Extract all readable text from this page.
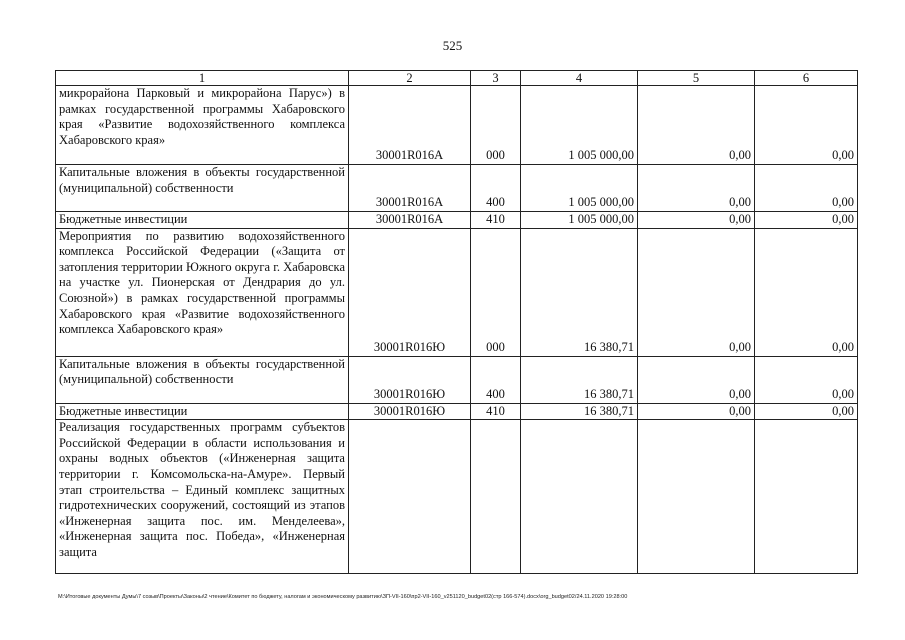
525
1	2	3	4	5	6
микрорайона Парковый и микрорайона Парус») в рамках государственной программы Хабаровского края «Развитие водохозяйственного комплекса Хабаровского края»	30001R016А	000	1 005 000,00	0,00	0,00
Капитальные вложения в объекты государственной (муниципальной) собственности	30001R016А	400	1 005 000,00	0,00	0,00
Бюджетные инвестиции	30001R016А	410	1 005 000,00	0,00	0,00
Мероприятия по развитию водохозяйственного комплекса Российской Федерации («Защита от затопления территории Южного округа г. Хабаровска на участке ул. Пионерская от Дендрария до ул. Союзной») в рамках государственной программы Хабаровского края «Развитие водохозяйственного комплекса Хабаровского края»	30001R016Ю	000	16 380,71	0,00	0,00
Капитальные вложения в объекты государственной (муниципальной) собственности	30001R016Ю	400	16 380,71	0,00	0,00
Бюджетные инвестиции	30001R016Ю	410	16 380,71	0,00	0,00
Реализация государственных программ субъектов Российской Федерации в области использования и охраны водных объектов («Инженерная защита территории г. Комсомольска-на-Амуре». Первый этап строительства – Единый комплекс защитных гидротехнических сооружений, состоящий из этапов «Инженерная защита пос. им. Менделеева», «Инженерная защита пос. Победа», «Инженерная защита					
M:\Итоговые документы Думы\7 созыв\Проекты\Законы\2 чтение\Комитет по бюджету, налогам и экономическому развитию\ЗП-VII-160\пр2-VII-160_v251120_budget02(стр 166-574).docx\org_budget02/24.11.2020 19:28:00
